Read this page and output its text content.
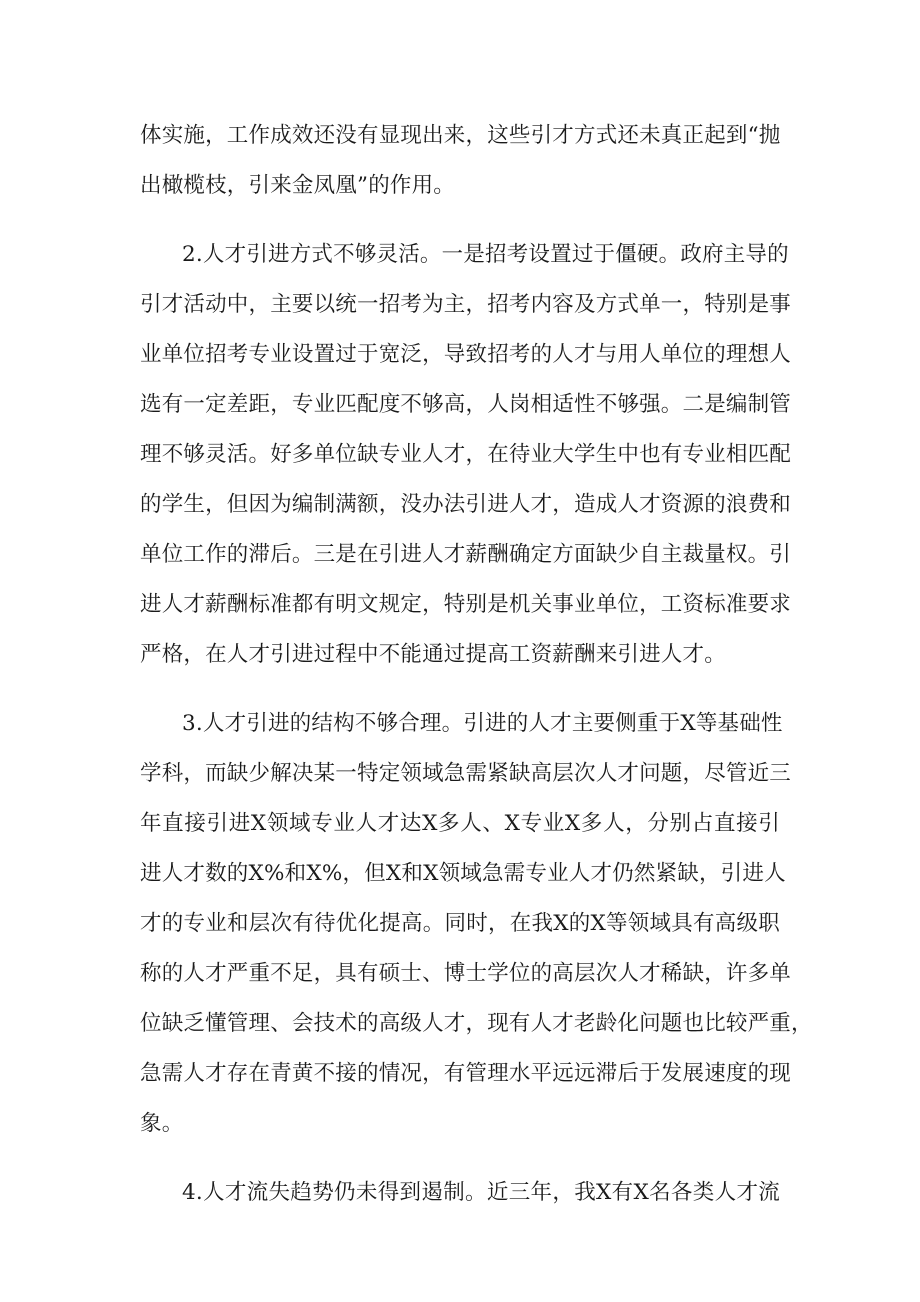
体实施，工作成效还没有显现出来，这些引才方式还未真正起到“抛
出橄榄枝，引来金凤凰”的作用。
2.人才引进方式不够灵活。一是招考设置过于僵硬。政府主导的
引才活动中，主要以统一招考为主，招考内容及方式单一，特别是事
业单位招考专业设置过于宽泛，导致招考的人才与用人单位的理想人
选有一定差距，专业匹配度不够高，人岗相适性不够强。二是编制管
理不够灵活。好多单位缺专业人才，在待业大学生中也有专业相匹配
的学生，但因为编制满额，没办法引进人才，造成人才资源的浪费和
单位工作的滞后。三是在引进人才薪酬确定方面缺少自主裁量权。引
进人才薪酬标准都有明文规定，特别是机关事业单位，工资标准要求
严格，在人才引进过程中不能通过提高工资薪酬来引进人才。
3.人才引进的结构不够合理。引进的人才主要侧重于X等基础性
学科，而缺少解决某一特定领域急需紧缺高层次人才问题，尽管近三
年直接引进X领域专业人才达X多人、X专业X多人，分别占直接引
进人才数的X%和X%，但X和X领域急需专业人才仍然紧缺，引进人
才的专业和层次有待优化提高。同时，在我X的X等领域具有高级职
称的人才严重不足，具有硕士、博士学位的高层次人才稀缺，许多单
位缺乏懂管理、会技术的高级人才，现有人才老龄化问题也比较严重，
急需人才存在青黄不接的情况，有管理水平远远滞后于发展速度的现
象。
4.人才流失趋势仍未得到遏制。近三年，我X有X名各类人才流
